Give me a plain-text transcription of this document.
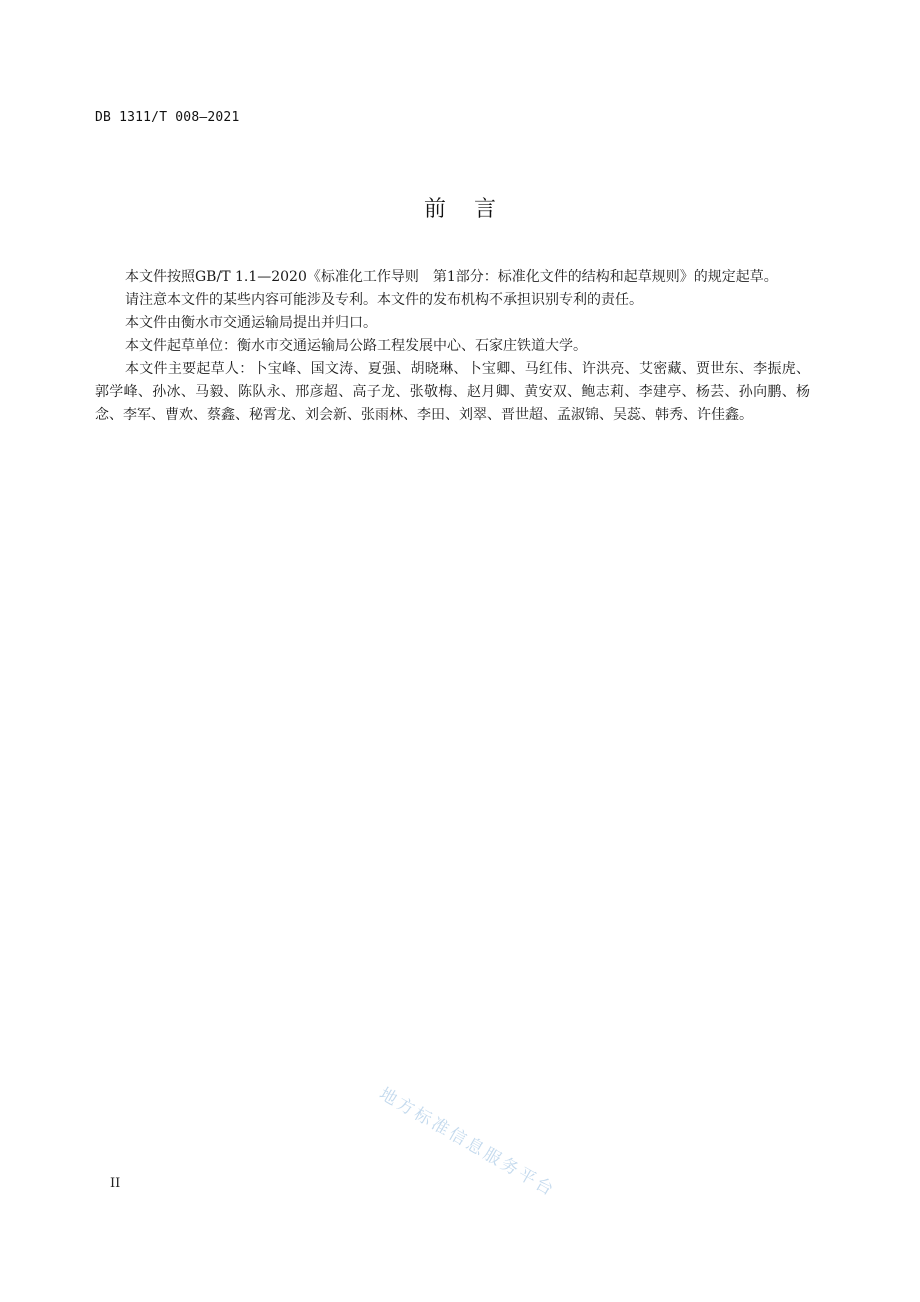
DB 1311/T 008—2021
前言

本文件按照GB/T 1.1—2020《标准化工作导则　第1部分：标准化文件的结构和起草规则》的规定起草。

请注意本文件的某些内容可能涉及专利。本文件的发布机构不承担识别专利的责任。

本文件由衡水市交通运输局提出并归口。

本文件起草单位：衡水市交通运输局公路工程发展中心、石家庄铁道大学。

本文件主要起草人：卜宝峰、国文涛、夏强、胡晓琳、卜宝卿、马红伟、许洪亮、艾密藏、贾世东、李振虎、郭学峰、孙冰、马毅、陈队永、邢彦超、高子龙、张敬梅、赵月卿、黄安双、鲍志莉、李建亭、杨芸、孙向鹏、杨念、李军、曹欢、蔡鑫、秘霄龙、刘会新、张雨林、李田、刘翠、晋世超、孟淑锦、吴蕊、韩秀、许佳鑫。

地方标准信息服务平台
II
